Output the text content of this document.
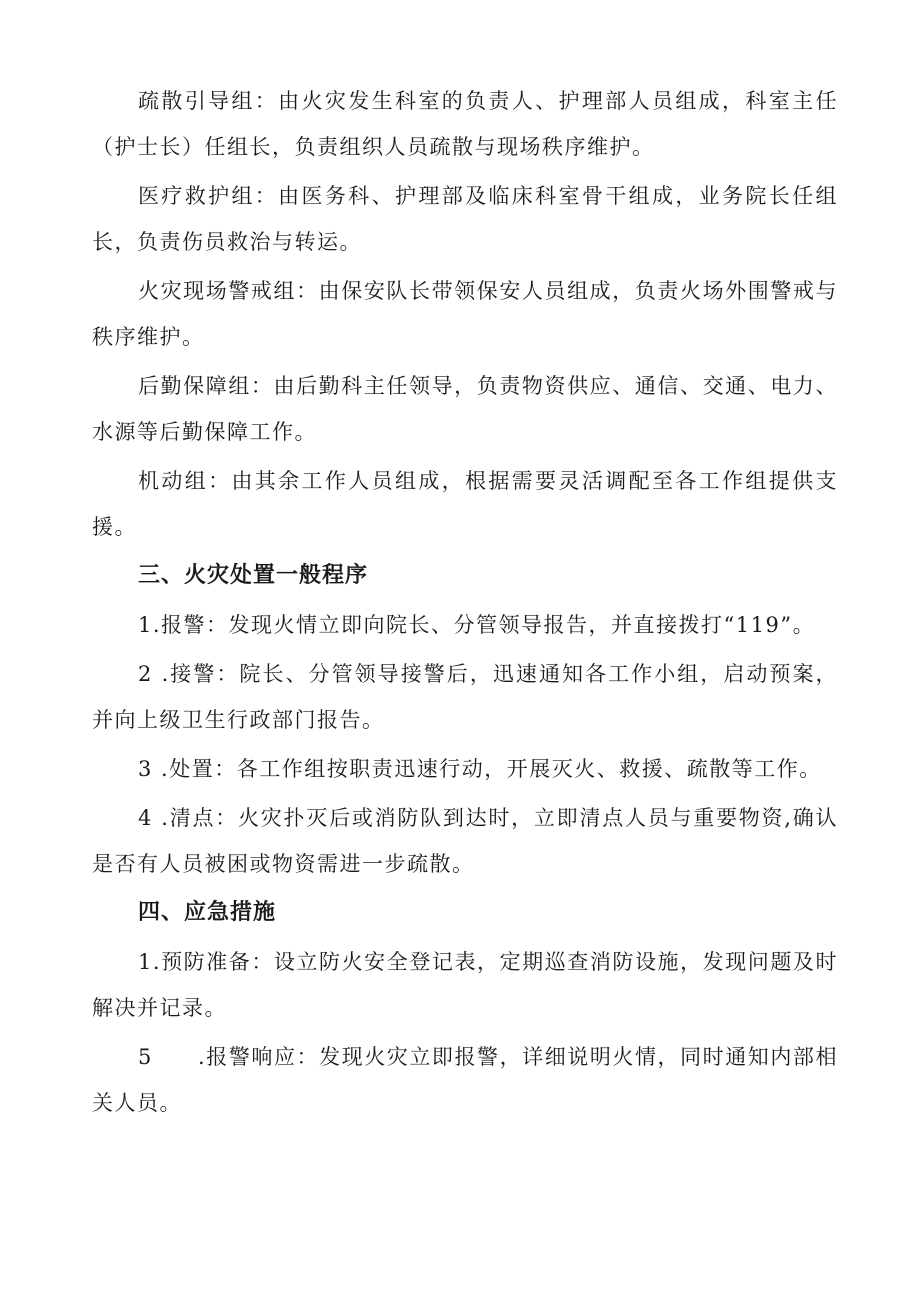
疏散引导组：由火灾发生科室的负责人、护理部人员组成，科室主任（护士长）任组长，负责组织人员疏散与现场秩序维护。

医疗救护组：由医务科、护理部及临床科室骨干组成，业务院长任组长，负责伤员救治与转运。

火灾现场警戒组：由保安队长带领保安人员组成，负责火场外围警戒与秩序维护。

后勤保障组：由后勤科主任领导，负责物资供应、通信、交通、电力、水源等后勤保障工作。

机动组：由其余工作人员组成，根据需要灵活调配至各工作组提供支援。

三、火灾处置一般程序

1.报警：发现火情立即向院长、分管领导报告，并直接拨打“119”。

2 .接警：院长、分管领导接警后，迅速通知各工作小组，启动预案，并向上级卫生行政部门报告。

3 .处置：各工作组按职责迅速行动，开展灭火、救援、疏散等工作。

4 .清点：火灾扑灭后或消防队到达时，立即清点人员与重要物资,确认是否有人员被困或物资需进一步疏散。

四、应急措施

1.预防准备：设立防火安全登记表，定期巡查消防设施，发现问题及时解决并记录。

5　　.报警响应：发现火灾立即报警，详细说明火情，同时通知内部相关人员。
